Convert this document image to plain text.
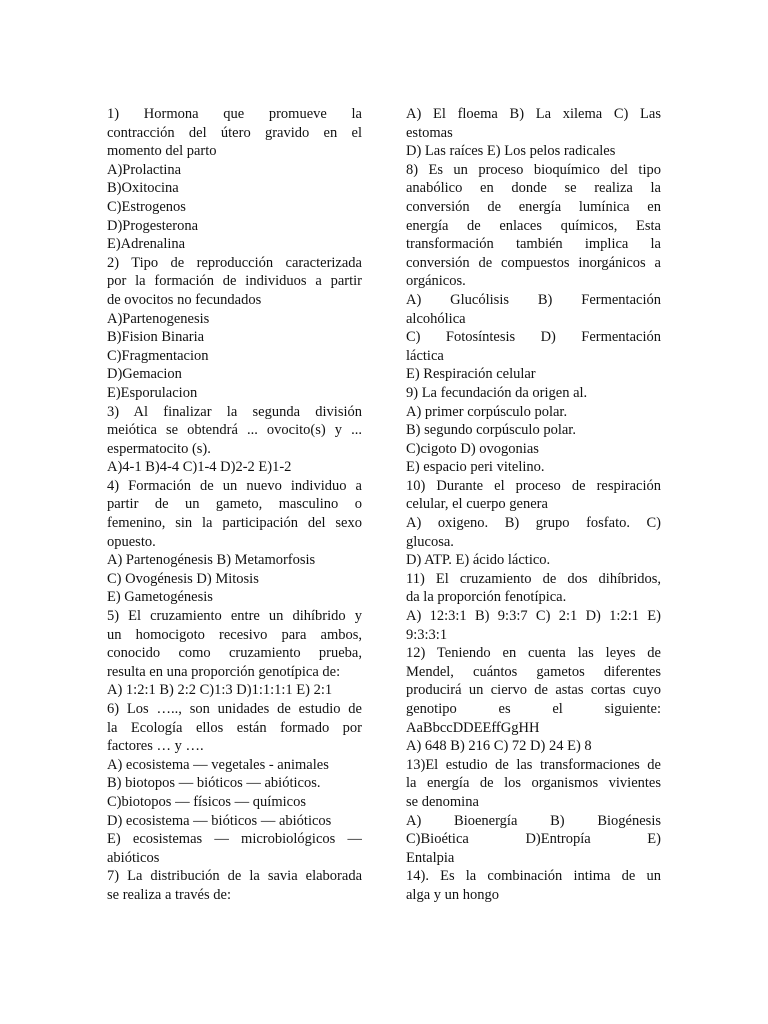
1) Hormona que promueve la
contracción del útero gravido en el
momento del parto
A)Prolactina
B)Oxitocina
C)Estrogenos
D)Progesterona
E)Adrenalina
2) Tipo de reproducción caracterizada
por la formación de individuos a partir
de ovocitos no fecundados
A)Partenogenesis
B)Fision Binaria
C)Fragmentacion
D)Gemacion
E)Esporulacion
3) Al finalizar la segunda división
meiótica se obtendrá ... ovocito(s) y ...
espermatocito (s).
A)4-1 B)4-4 C)1-4 D)2-2 E)1-2
4) Formación de un nuevo individuo a
partir de un gameto, masculino o
femenino, sin la participación del sexo
opuesto.
A) Partenogénesis B) Metamorfosis
C) Ovogénesis D) Mitosis
E) Gametogénesis
5) El cruzamiento entre un dihíbrido y
un homocigoto recesivo para ambos,
conocido como cruzamiento prueba,
resulta en una proporción genotípica de:
A) 1:2:1 B) 2:2 C)1:3 D)1:1:1:1 E) 2:1
6) Los ….., son unidades de estudio de
la Ecología ellos están formado por
factores … y ….
A) ecosistema — vegetales - animales
B) biotopos — bióticos — abióticos.
C)biotopos — físicos — químicos
D) ecosistema — bióticos — abióticos
E) ecosistemas — microbiológicos —
abióticos
7) La distribución de la savia elaborada
se realiza a través de:
A) El floema B) La xilema C) Las
estomas
D) Las raíces E) Los pelos radicales
8) Es un proceso bioquímico del tipo
anabólico en donde se realiza la
conversión de energía lumínica en
energía de enlaces químicos, Esta
transformación también implica la
conversión de compuestos inorgánicos a
orgánicos.
A) Glucólisis B) Fermentación
alcohólica
C) Fotosíntesis D) Fermentación
láctica
E) Respiración celular
9) La fecundación da origen al.
A) primer corpúsculo polar.
B) segundo corpúsculo polar.
C)cigoto D) ovogonias
E) espacio peri vitelino.
10) Durante el proceso de respiración
celular, el cuerpo genera
A) oxigeno. B) grupo fosfato. C)
glucosa.
D) ATP. E) ácido láctico.
11) El cruzamiento de dos dihíbridos,
da la proporción fenotípica.
A) 12:3:1 B) 9:3:7 C) 2:1 D) 1:2:1 E)
9:3:3:1
12) Teniendo en cuenta las leyes de
Mendel, cuántos gametos diferentes
producirá un ciervo de astas cortas cuyo
genotipo es el siguiente:
AaBbccDDEEffGgHH
A) 648 B) 216 C) 72 D) 24 E) 8
13)El estudio de las transformaciones de
la energía de los organismos vivientes
se denomina
A) Bioenergía B) Biogénesis
C)Bioética D)Entropía E)
Entalpia
14). Es la combinación intima de un
alga y un hongo
